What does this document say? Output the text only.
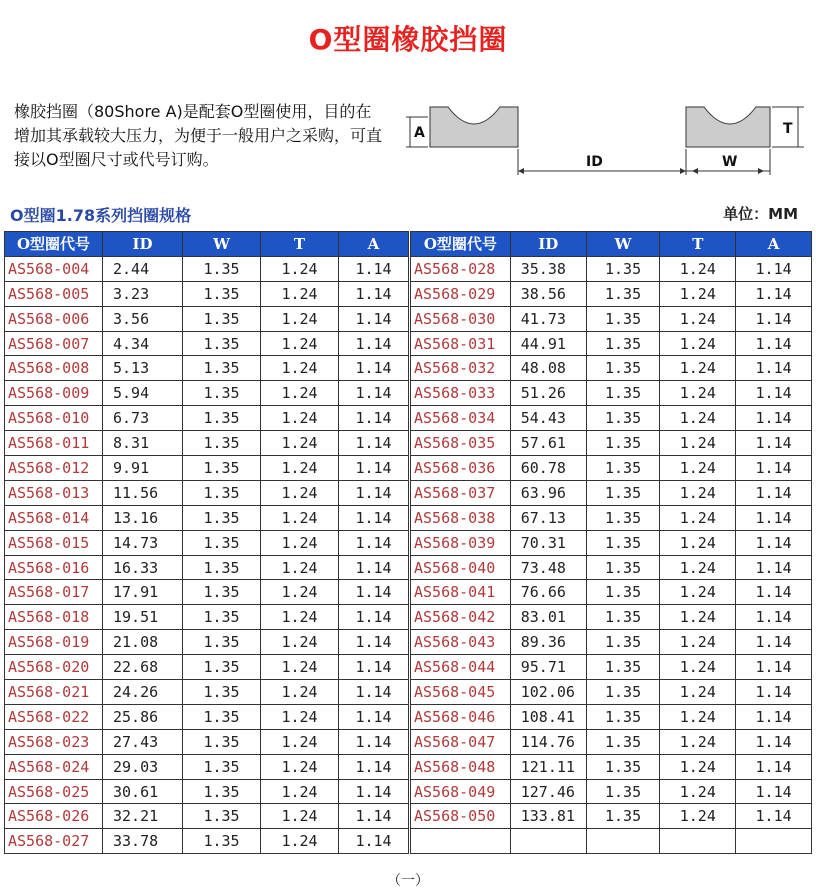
O型圈橡胶挡圈
橡胶挡圈（80Shore A)是配套O型圈使用，目的在增加其承载较大压力，为便于一般用户之采购，可直接以O型圈尺寸或代号订购。
A	T
ID	W
O型圈1.78系列挡圈规格	单位：MM
O型圈代号	ID	W	T	A
AS568-004	2.44	1.35	1.24	1.14
AS568-005	3.23	1.35	1.24	1.14
AS568-006	3.56	1.35	1.24	1.14
AS568-007	4.34	1.35	1.24	1.14
AS568-008	5.13	1.35	1.24	1.14
AS568-009	5.94	1.35	1.24	1.14
AS568-010	6.73	1.35	1.24	1.14
AS568-011	8.31	1.35	1.24	1.14
AS568-012	9.91	1.35	1.24	1.14
AS568-013	11.56	1.35	1.24	1.14
AS568-014	13.16	1.35	1.24	1.14
AS568-015	14.73	1.35	1.24	1.14
AS568-016	16.33	1.35	1.24	1.14
AS568-017	17.91	1.35	1.24	1.14
AS568-018	19.51	1.35	1.24	1.14
AS568-019	21.08	1.35	1.24	1.14
AS568-020	22.68	1.35	1.24	1.14
AS568-021	24.26	1.35	1.24	1.14
AS568-022	25.86	1.35	1.24	1.14
AS568-023	27.43	1.35	1.24	1.14
AS568-024	29.03	1.35	1.24	1.14
AS568-025	30.61	1.35	1.24	1.14
AS568-026	32.21	1.35	1.24	1.14
AS568-027	33.78	1.35	1.24	1.14
O型圈代号	ID	W	T	A
AS568-028	35.38	1.35	1.24	1.14
AS568-029	38.56	1.35	1.24	1.14
AS568-030	41.73	1.35	1.24	1.14
AS568-031	44.91	1.35	1.24	1.14
AS568-032	48.08	1.35	1.24	1.14
AS568-033	51.26	1.35	1.24	1.14
AS568-034	54.43	1.35	1.24	1.14
AS568-035	57.61	1.35	1.24	1.14
AS568-036	60.78	1.35	1.24	1.14
AS568-037	63.96	1.35	1.24	1.14
AS568-038	67.13	1.35	1.24	1.14
AS568-039	70.31	1.35	1.24	1.14
AS568-040	73.48	1.35	1.24	1.14
AS568-041	76.66	1.35	1.24	1.14
AS568-042	83.01	1.35	1.24	1.14
AS568-043	89.36	1.35	1.24	1.14
AS568-044	95.71	1.35	1.24	1.14
AS568-045	102.06	1.35	1.24	1.14
AS568-046	108.41	1.35	1.24	1.14
AS568-047	114.76	1.35	1.24	1.14
AS568-048	121.11	1.35	1.24	1.14
AS568-049	127.46	1.35	1.24	1.14
AS568-050	133.81	1.35	1.24	1.14

（一）
